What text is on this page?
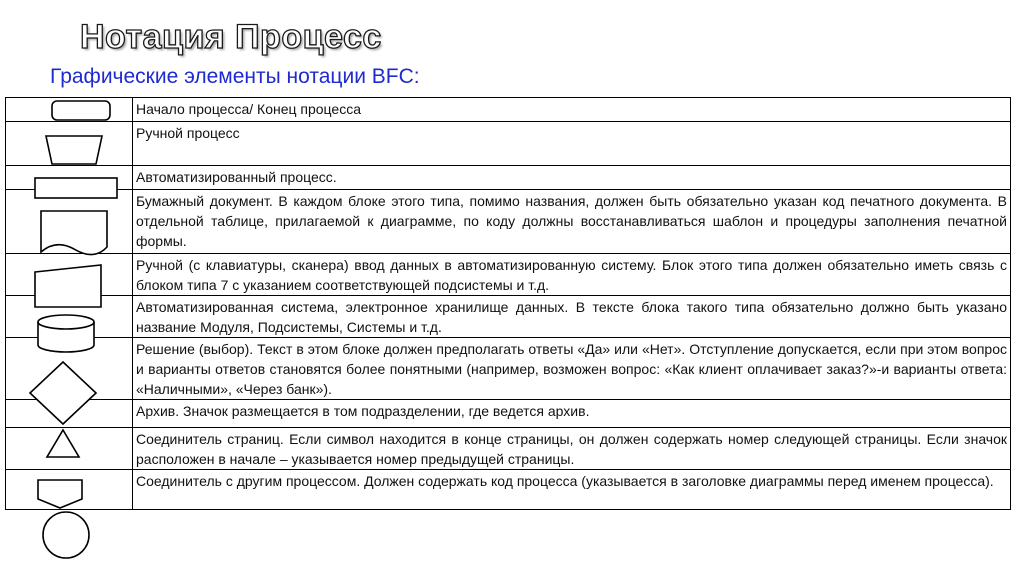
Нотация Процесс
Графические элементы нотации BFC:
	Начало процесса/ Конец процесса
	Ручной процесс
	Автоматизированный процесс.
	Бумажный документ. В каждом блоке этого типа, помимо названия, должен быть обязательно указан код печатного документа. В отдельной таблице, прилагаемой к диаграмме, по коду должны восстанавливаться шаблон и процедуры заполнения печатной формы.
	Ручной (с клавиатуры, сканера) ввод данных в автоматизированную систему. Блок этого типа должен обязательно иметь связь с блоком типа 7 с указанием соответствующей подсистемы и т.д.
	Автоматизированная система, электронное хранилище данных. В тексте блока такого типа обязательно должно быть указано название Модуля, Подсистемы, Системы и т.д.
	Решение (выбор). Текст в этом блоке должен предполагать ответы «Да» или «Нет». Отступление допускается, если при этом вопрос и варианты ответов становятся более понятными (например, возможен вопрос: «Как клиент оплачивает заказ?»-и варианты ответа: «Наличными», «Через банк»).
	Архив. Значок размещается в том подразделении, где ведется архив.
	Соединитель страниц. Если символ находится в конце страницы, он должен содержать номер следующей страницы. Если значок расположен в начале – указывается номер предыдущей страницы.
	Соединитель с другим процессом. Должен содержать код процесса (указывается в заголовке диаграммы перед именем процесса).
